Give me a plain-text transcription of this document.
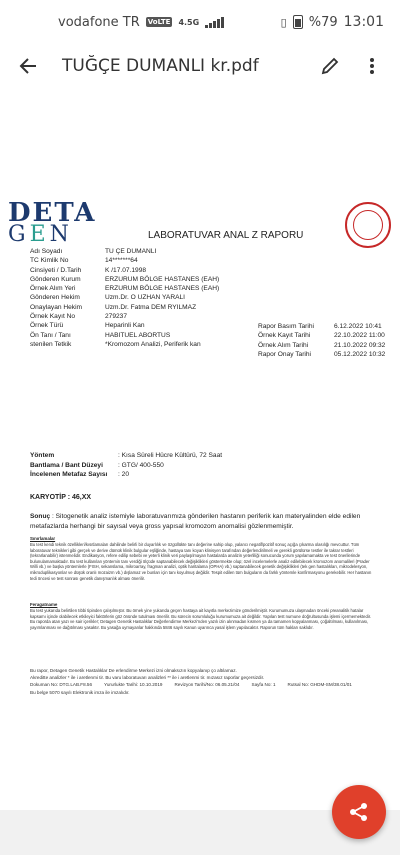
vodafone TR VoLTE 4.5G	▯ %79 13:01
TUĞÇE DUMANLI kr.pdf
DETA
GEN	LABORATUVAR ANAL Z RAPORU
Adı Soyadı	TU ÇE DUMANLI
TC Kimlik No	14*******64
Cinsiyeti / D.Tarih	K /17.07.1998
Gönderen Kurum	ERZURUM BÖLGE HASTANES (EAH)
Örnek Alım Yeri	ERZURUM BÖLGE HASTANES (EAH)
Gönderen Hekim	Uzm.Dr. O UZHAN YARALI
Onaylayan Hekim	Uzm.Dr. Fatma DEM RYILMAZ
Örnek Kayıt No	279237
Örnek Türü	Heparinli Kan
Ön Tanı / Tanı	HABITUEL ABORTUS
stenilen Tetkik	*Kromozom Analizi, Periferik kan
Rapor Basım Tarihi	6.12.2022 10:41
Örnek Kayıt Tarihi	22.10.2022 11:00
Örnek Alım Tarihi	21.10.2022 09:32
Rapor Onay Tarihi	05.12.2022 10:32
Yöntem	: Kısa Süreli Hücre Kültürü, 72 Saat
Bantlama / Bant Düzeyi	: GTG/ 400-550
İncelenen Metafaz Sayısı	: 20
KARYOTİP : 46,XX
Sonuç : Sitogenetik analiz istemiyle laboratuvarımıza gönderilen hastanın periferik kan materyalinden elde edilen metafazlarda herhangi bir sayısal veya gross yapısal kromozom anomalisi gözlenmemiştir.
Sınırlamalar
Bu test kendi teknik özellikleri/kısıtlamaları dahilinde belirli bir duyarlılık ve özgüllükte tanı değerine sahip olup, yalancı negatif/pozitif sonuç açığa çıkarma olasılığı mevcuttur. Tüm laboratuvar teknikleri gibi gerçek ve derive dümük klinik bulgular eşliğinde, hastaya tanı koyan klinisyen tarafından değerlendirilmeli ve gerekli görülürse testler ile takrar testleri (tekrarlanabilir) istenmelidir. Endikasyon, refere edilip sebebi ve yeterli klinik veri paylaşılmayan hastalarda analizin yeterliliği sonucunda yorum yapılamamakta ve test önerilerinde bulunulamamaktadır. Bu test kullanılan yöntemin tanı verdiği ölçüde saptanabilecek değişiklikleri göstermekte olup; özel incelemelerle analiz edilebilecek kromozom anomalileri (Prader Willi vb.) ve başka yöntemlerle (FISH, sekanslama, mikroarray, fragman analizi, optik haritalama (OPHA) vb.) saptanabilecek genetik değişiklikleri (tek gen hastalıkları, mikrodelesyon, mikroduplikasyonlar ve düşük oranlı mozaizm vb.) dışlamaz ve bunları için tanı koyulmuş değildir. Tespit edilen tüm bulguların da farklı yöntemle konfirmasyonu gerekebilir. Her hastanın tedi öncesi ve test sonrası genetik danışmanlık alması önerilir.
Feragatname
Bu test yukarıda belirtilen tıbbi tipinden çalışılmıştır. Bu örnek yine yukarıda geçen hastaya ait kayıtla merkezimize gönderilmiştir. Kurumumuza ulaşmadan önceki preanalitik hatalar kapsamı içinde olabilecek etkileyici faktörlerin göz önünde tutulması önerilir. Bu sürecin sorumluluğu kurumumuza ait değildir. Yapılan test numune doğrultusunda işlemi içermemektedir. Bu raporda atan yazı ve sair içerikler; Detagen Genetik Hastalıklar Değerlendirme Merkezi'nden yazılı izin alınmadan kısmen ya da tamamen kopyalanması, çoğaltılması, kullanılması, yayımlanması ve dağıtılması yasaktır. Bu yasağa uymayanlar hakkında 5846 sayılı Kanun uyarınca yasal işlem yapılacaktır. Raporun tüm hakları saklıdır.
Bu rapor, Detagen Genetik Hastalıklar De erlendirme Merkezi izni olmaksızın kopyalanıp ço altılamaz.
Akreditte analizler * ile i aretlenmi tir. Bu varu laboratuvarı analizleri ** ile i aretlenmi tir. mızasız raporlar geçersizdir.
Dokuman No: DTG.LAB.F8.56	Yururlukte Tarihi: 10.10.2019	Revizyon Tarihi/No: 06.05.21/04	Sayfa No: 1	Rutsal No: GHDM-SM/38.01/01
Bu belge 5070 sayılı Elektronik imza ile imzalıdır.
